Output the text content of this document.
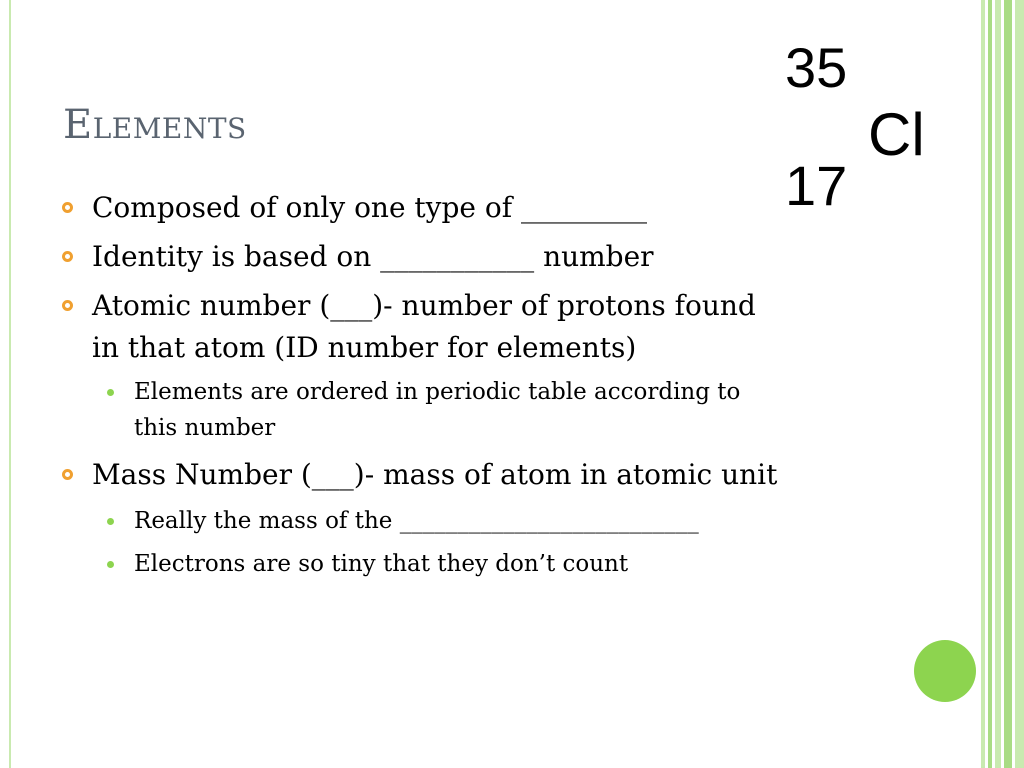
Elements
35
Cl
17
Composed of only one type of _________
Identity is based on ___________ number
Atomic number (___)- number of protons found
in that atom (ID number for elements)
Elements are ordered in periodic table according to
this number
Mass Number (___)- mass of atom in atomic unit
Really the mass of the __________________________
Electrons are so tiny that they don’t count
